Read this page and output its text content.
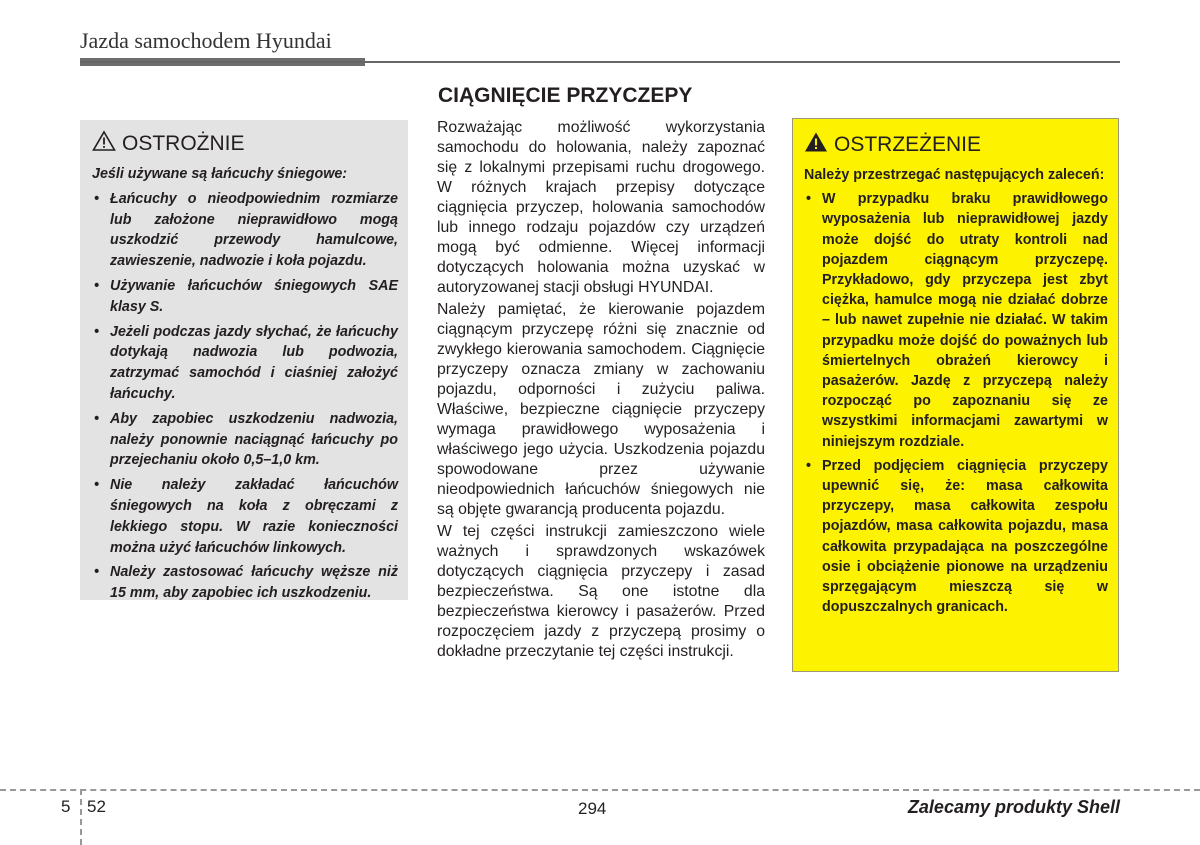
Jazda samochodem Hyundai
CIĄGNIĘCIE PRZYCZEPY
OSTROŻNIE
Jeśli używane są łańcuchy śniegowe:
• Łańcuchy o nieodpowiednim rozmiarze lub założone nieprawidłowo mogą uszkodzić przewody hamulcowe, zawieszenie, nadwozie i koła pojazdu.
• Używanie łańcuchów śniegowych SAE klasy S.
• Jeżeli podczas jazdy słychać, że łańcuchy dotykają nadwozia lub podwozia, zatrzymać samochód i ciaśniej założyć łańcuchy.
• Aby zapobiec uszkodzeniu nadwozia, należy ponownie naciągnąć łańcuchy po przejechaniu około 0,5–1,0 km.
• Nie należy zakładać łańcuchów śniegowych na koła z obręczami z lekkiego stopu. W razie konieczności można użyć łańcuchów linkowych.
• Należy zastosować łańcuchy węższe niż 15 mm, aby zapobiec ich uszkodzeniu.

Rozważając możliwość wykorzystania samochodu do holowania, należy zapoznać się z lokalnymi przepisami ruchu drogowego. W różnych krajach przepisy dotyczące ciągnięcia przyczep, holowania samochodów lub innego rodzaju pojazdów czy urządzeń mogą być odmienne. Więcej informacji dotyczących holowania można uzyskać w autoryzowanej stacji obsługi HYUNDAI.

Należy pamiętać, że kierowanie pojazdem ciągnącym przyczepę różni się znacznie od zwykłego kierowania samochodem. Ciągnięcie przyczepy oznacza zmiany w zachowaniu pojazdu, odporności i zużyciu paliwa. Właściwe, bezpieczne ciągnięcie przyczepy wymaga prawidłowego wyposażenia i właściwego jego użycia. Uszkodzenia pojazdu spowodowane przez używanie nieodpowiednich łańcuchów śniegowych nie są objęte gwarancją producenta pojazdu.

W tej części instrukcji zamieszczono wiele ważnych i sprawdzonych wskazówek dotyczących ciągnięcia przyczepy i zasad bezpieczeństwa. Są one istotne dla bezpieczeństwa kierowcy i pasażerów. Przed rozpoczęciem jazdy z przyczepą prosimy o dokładne przeczytanie tej części instrukcji.

OSTRZEŻENIE
Należy przestrzegać następujących zaleceń:
• W przypadku braku prawidłowego wyposażenia lub nieprawidłowej jazdy może dojść do utraty kontroli nad pojazdem ciągnącym przyczepę. Przykładowo, gdy przyczepa jest zbyt ciężka, hamulce mogą nie działać dobrze – lub nawet zupełnie nie działać. W takim przypadku może dojść do poważnych lub śmiertelnych obrażeń kierowcy i pasażerów. Jazdę z przyczepą należy rozpocząć po zapoznaniu się ze wszystkimi informacjami zawartymi w niniejszym rozdziale.
• Przed podjęciem ciągnięcia przyczepy upewnić się, że: masa całkowita przyczepy, masa całkowita zespołu pojazdów, masa całkowita pojazdu, masa całkowita przypadająca na poszczególne osie i obciążenie pionowe na urządzeniu sprzęgającym mieszczą się w dopuszczalnych granicach.
5 52	294	Zalecamy produkty Shell
